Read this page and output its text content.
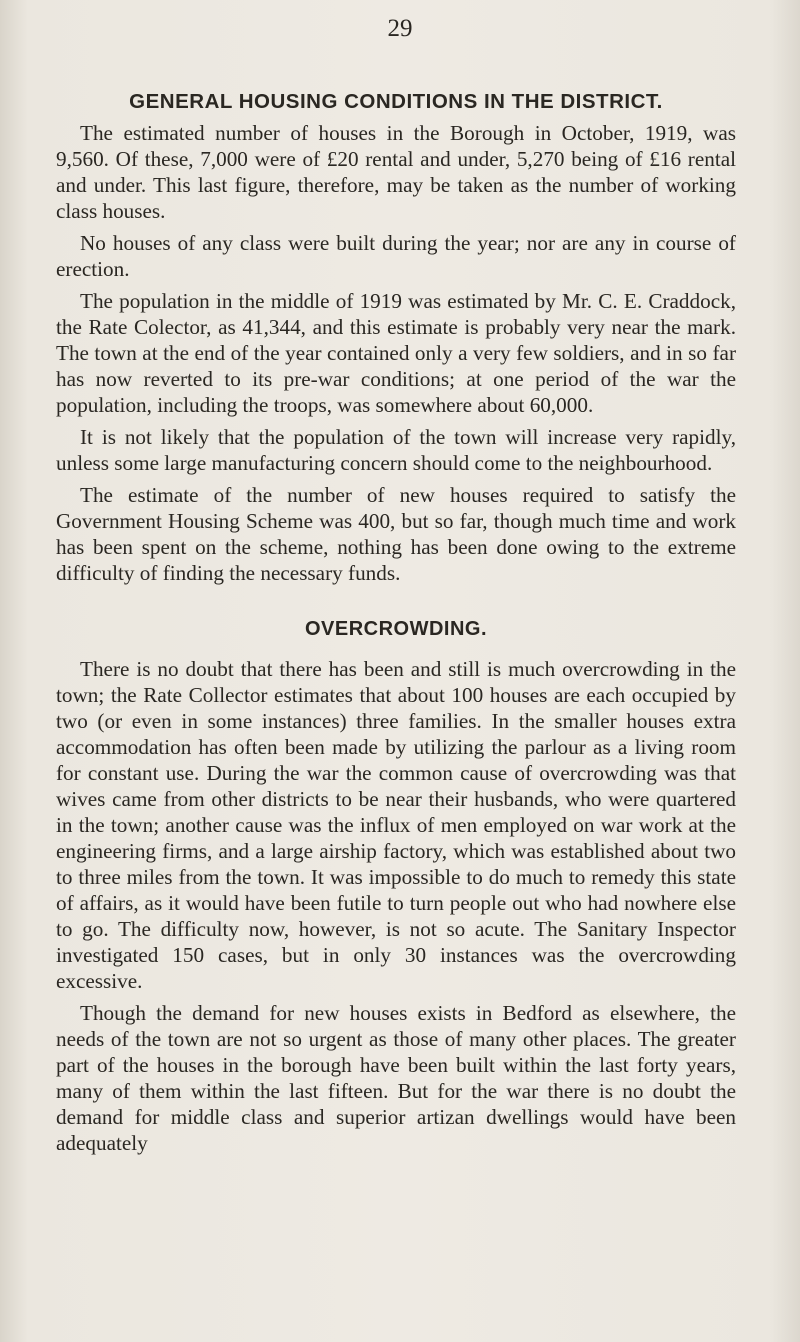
29
GENERAL HOUSING CONDITIONS IN THE DISTRICT.

The estimated number of houses in the Borough in October, 1919, was 9,560. Of these, 7,000 were of £20 rental and under, 5,270 being of £16 rental and under. This last figure, therefore, may be taken as the number of working class houses.

No houses of any class were built during the year; nor are any in course of erection.

The population in the middle of 1919 was estimated by Mr. C. E. Craddock, the Rate Colector, as 41,344, and this estimate is probably very near the mark. The town at the end of the year contained only a very few soldiers, and in so far has now reverted to its pre-war conditions; at one period of the war the population, including the troops, was somewhere about 60,000.

It is not likely that the population of the town will increase very rapidly, unless some large manufacturing concern should come to the neighbourhood.

The estimate of the number of new houses required to satisfy the Government Housing Scheme was 400, but so far, though much time and work has been spent on the scheme, nothing has been done owing to the extreme difficulty of finding the necessary funds.

OVERCROWDING.

There is no doubt that there has been and still is much overcrowding in the town; the Rate Collector estimates that about 100 houses are each occupied by two (or even in some instances) three families. In the smaller houses extra accommodation has often been made by utilizing the parlour as a living room for constant use. During the war the common cause of overcrowding was that wives came from other districts to be near their husbands, who were quartered in the town; another cause was the influx of men employed on war work at the engineering firms, and a large airship factory, which was established about two to three miles from the town. It was impossible to do much to remedy this state of affairs, as it would have been futile to turn people out who had nowhere else to go. The difficulty now, however, is not so acute. The Sanitary Inspector investigated 150 cases, but in only 30 instances was the overcrowding excessive.

Though the demand for new houses exists in Bedford as elsewhere, the needs of the town are not so urgent as those of many other places. The greater part of the houses in the borough have been built within the last forty years, many of them within the last fifteen. But for the war there is no doubt the demand for middle class and superior artizan dwellings would have been adequately
